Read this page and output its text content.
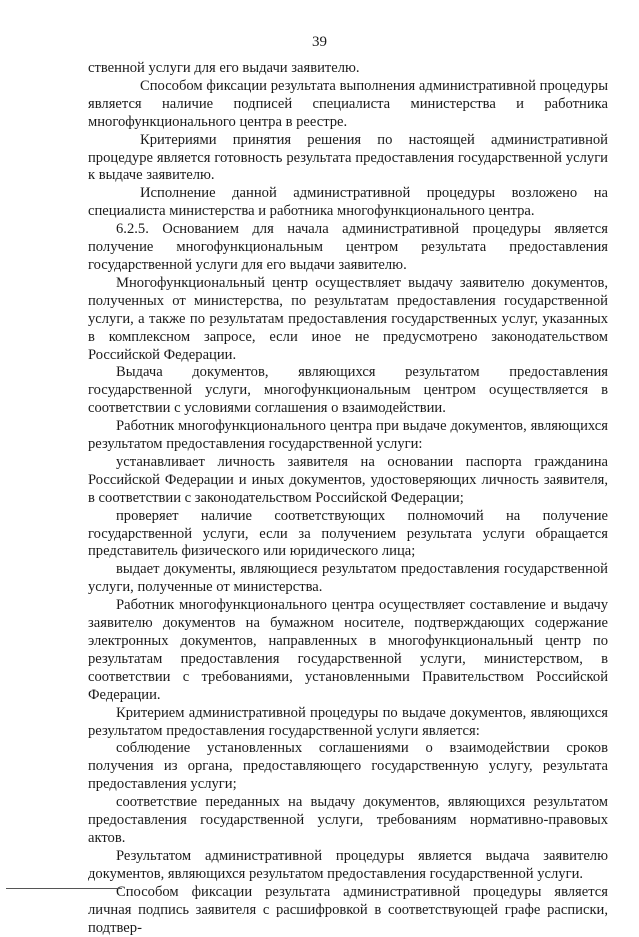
39

ственной услуги для его выдачи заявителю.

Способом фиксации результата выполнения административной процедуры является наличие подписей специалиста министерства и работника многофункционального центра в реестре.

Критериями принятия решения по настоящей административной процедуре является готовность результата предоставления государственной услуги к выдаче заявителю.

Исполнение данной административной процедуры возложено на специалиста министерства и работника многофункционального центра.

6.2.5. Основанием для начала административной процедуры является получение многофункциональным центром результата предоставления государственной услуги для его выдачи заявителю.

Многофункциональный центр осуществляет выдачу заявителю документов, полученных от министерства, по результатам предоставления государственной услуги, а также по результатам предоставления государственных услуг, указанных в комплексном запросе, если иное не предусмотрено законодательством Российской Федерации.

Выдача документов, являющихся результатом предоставления государственной услуги, многофункциональным центром осуществляется в соответствии с условиями соглашения о взаимодействии.

Работник многофункционального центра при выдаче документов, являющихся результатом предоставления государственной услуги:

устанавливает личность заявителя на основании паспорта гражданина Российской Федерации и иных документов, удостоверяющих личность заявителя, в соответствии с законодательством Российской Федерации;

проверяет наличие соответствующих полномочий на получение государственной услуги, если за получением результата услуги обращается представитель физического или юридического лица;

выдает документы, являющиеся результатом предоставления государственной услуги, полученные от министерства.

Работник многофункционального центра осуществляет составление и выдачу заявителю документов на бумажном носителе, подтверждающих содержание электронных документов, направленных в многофункциональный центр по результатам предоставления государственной услуги, министерством, в соответствии с требованиями, установленными Правительством Российской Федерации.

Критерием административной процедуры по выдаче документов, являющихся результатом предоставления государственной услуги является:

соблюдение установленных соглашениями о взаимодействии сроков получения из органа, предоставляющего государственную услугу, результата предоставления услуги;

соответствие переданных на выдачу документов, являющихся результатом предоставления государственной услуги, требованиям нормативно-правовых актов.

Результатом административной процедуры является выдача заявителю документов, являющихся результатом предоставления государственной услуги.

Способом фиксации результата административной процедуры является личная подпись заявителя с расшифровкой в соответствующей графе расписки, подтвер-
